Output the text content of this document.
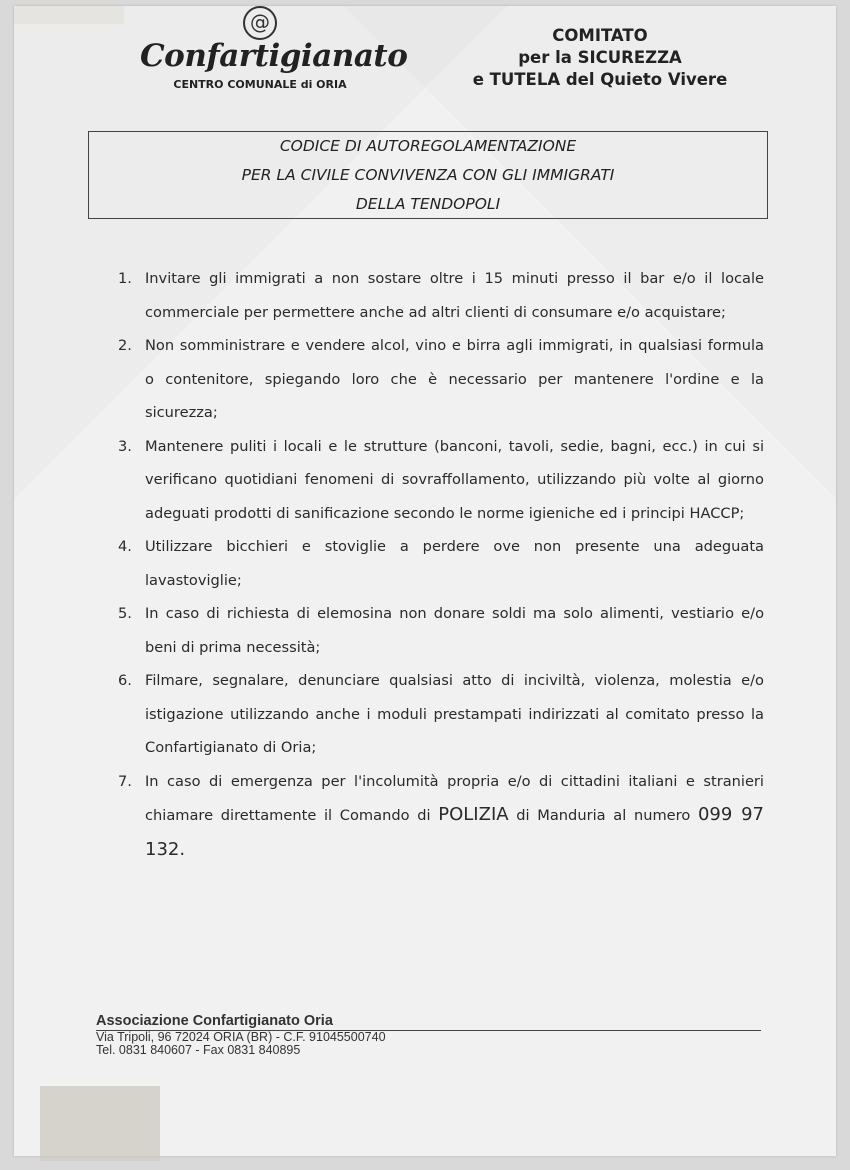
@
Confartigianato
CENTRO COMUNALE di ORIA
COMITATO
per la SICUREZZA
e TUTELA del Quieto Vivere
CODICE DI AUTOREGOLAMENTAZIONE
PER LA CIVILE CONVIVENZA CON GLI IMMIGRATI
DELLA TENDOPOLI
1. Invitare gli immigrati a non sostare oltre i 15 minuti presso il bar e/o il locale commerciale per permettere anche ad altri clienti di consumare e/o acquistare;
2. Non somministrare e vendere alcol, vino e birra agli immigrati, in qualsiasi formula o contenitore, spiegando loro che è necessario per mantenere l'ordine e la sicurezza;
3. Mantenere puliti i locali e le strutture (banconi, tavoli, sedie, bagni, ecc.) in cui si verificano quotidiani fenomeni di sovraffollamento, utilizzando più volte al giorno adeguati prodotti di sanificazione secondo le norme igieniche ed i principi HACCP;
4. Utilizzare bicchieri e stoviglie a perdere ove non presente una adeguata lavastoviglie;
5. In caso di richiesta di elemosina non donare soldi ma solo alimenti, vestiario e/o beni di prima necessità;
6. Filmare, segnalare, denunciare qualsiasi atto di inciviltà, violenza, molestia e/o istigazione utilizzando anche i moduli prestampati indirizzati al comitato presso la Confartigianato di Oria;
7. In caso di emergenza per l'incolumità propria e/o di cittadini italiani e stranieri chiamare direttamente il Comando di POLIZIA di Manduria al numero 099 97 132.
Associazione Confartigianato Oria
Via Tripoli, 96 72024 ORIA (BR) - C.F. 91045500740
Tel. 0831 840607 - Fax 0831 840895
